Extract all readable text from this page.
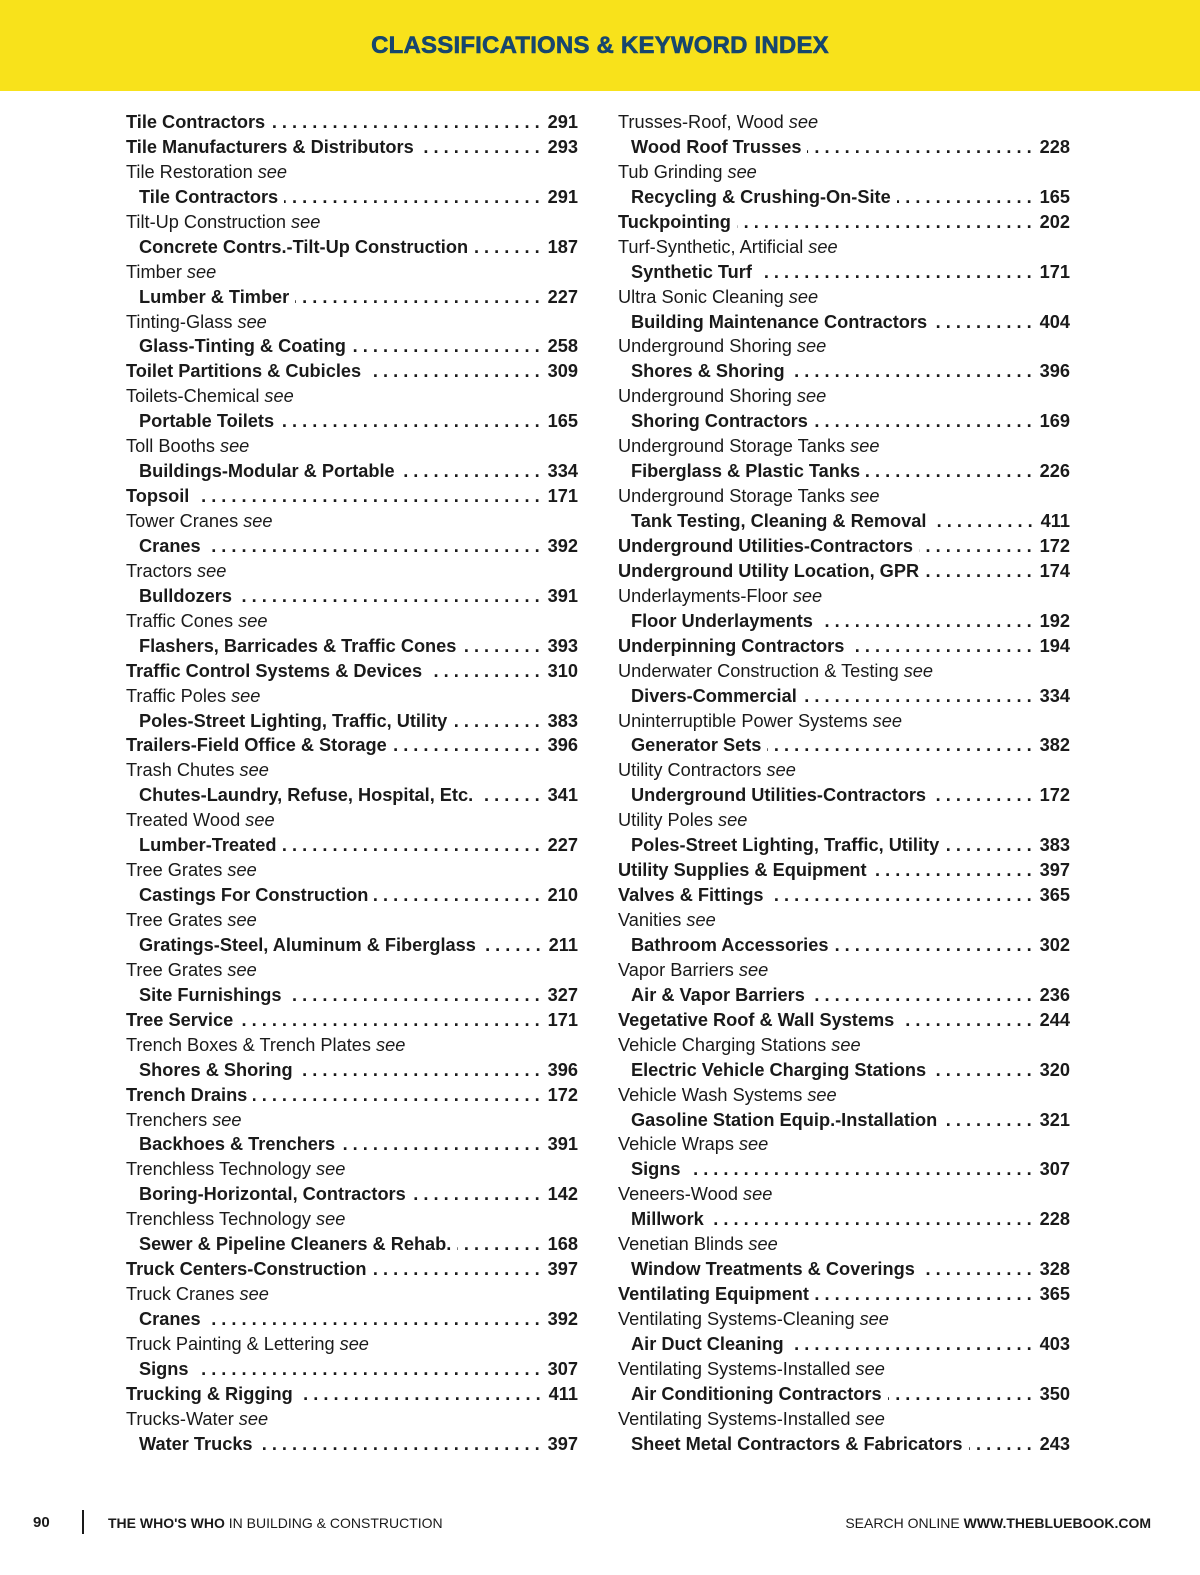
CLASSIFICATIONS & KEYWORD INDEX
Tile Contractors . . .	291
Tile Manufacturers & Distributors . . .	293
Tile Restoration see
Tile Contractors . . .	291
Tilt-Up Construction see
Concrete Contrs.-Tilt-Up Construction . . .	187
Timber see
Lumber & Timber . . .	227
Tinting-Glass see
Glass-Tinting & Coating . . .	258
Toilet Partitions & Cubicles . . .	309
Toilets-Chemical see
Portable Toilets . . .	165
Toll Booths see
Buildings-Modular & Portable . . .	334
Topsoil . . .	171
Tower Cranes see
Cranes . . .	392
Tractors see
Bulldozers . . .	391
Traffic Cones see
Flashers, Barricades & Traffic Cones . . .	393
Traffic Control Systems & Devices . . .	310
Traffic Poles see
Poles-Street Lighting, Traffic, Utility . . .	383
Trailers-Field Office & Storage . . .	396
Trash Chutes see
Chutes-Laundry, Refuse, Hospital, Etc. . . .	341
Treated Wood see
Lumber-Treated . . .	227
Tree Grates see
Castings For Construction . . .	210
Tree Grates see
Gratings-Steel, Aluminum & Fiberglass . . .	211
Tree Grates see
Site Furnishings . . .	327
Tree Service . . .	171
Trench Boxes & Trench Plates see
Shores & Shoring . . .	396
Trench Drains . . .	172
Trenchers see
Backhoes & Trenchers . . .	391
Trenchless Technology see
Boring-Horizontal, Contractors . . .	142
Trenchless Technology see
Sewer & Pipeline Cleaners & Rehab. . . .	168
Truck Centers-Construction . . .	397
Truck Cranes see
Cranes . . .	392
Truck Painting & Lettering see
Signs . . .	307
Trucking & Rigging . . .	411
Trucks-Water see
Water Trucks . . .	397
Trusses-Roof, Wood see
Wood Roof Trusses . . .	228
Tub Grinding see
Recycling & Crushing-On-Site . . .	165
Tuckpointing . . .	202
Turf-Synthetic, Artificial see
Synthetic Turf . . .	171
Ultra Sonic Cleaning see
Building Maintenance Contractors . . .	404
Underground Shoring see
Shores & Shoring . . .	396
Underground Shoring see
Shoring Contractors . . .	169
Underground Storage Tanks see
Fiberglass & Plastic Tanks . . .	226
Underground Storage Tanks see
Tank Testing, Cleaning & Removal . . .	411
Underground Utilities-Contractors . . .	172
Underground Utility Location, GPR . . .	174
Underlayments-Floor see
Floor Underlayments . . .	192
Underpinning Contractors . . .	194
Underwater Construction & Testing see
Divers-Commercial . . .	334
Uninterruptible Power Systems see
Generator Sets . . .	382
Utility Contractors see
Underground Utilities-Contractors . . .	172
Utility Poles see
Poles-Street Lighting, Traffic, Utility . . .	383
Utility Supplies & Equipment . . .	397
Valves & Fittings . . .	365
Vanities see
Bathroom Accessories . . .	302
Vapor Barriers see
Air & Vapor Barriers . . .	236
Vegetative Roof & Wall Systems . . .	244
Vehicle Charging Stations see
Electric Vehicle Charging Stations . . .	320
Vehicle Wash Systems see
Gasoline Station Equip.-Installation . . .	321
Vehicle Wraps see
Signs . . .	307
Veneers-Wood see
Millwork . . .	228
Venetian Blinds see
Window Treatments & Coverings . . .	328
Ventilating Equipment . . .	365
Ventilating Systems-Cleaning see
Air Duct Cleaning . . .	403
Ventilating Systems-Installed see
Air Conditioning Contractors . . .	350
Ventilating Systems-Installed see
Sheet Metal Contractors & Fabricators . . .	243
90	THE WHO'S WHO IN BUILDING & CONSTRUCTION	SEARCH ONLINE WWW.THEBLUEBOOK.COM
